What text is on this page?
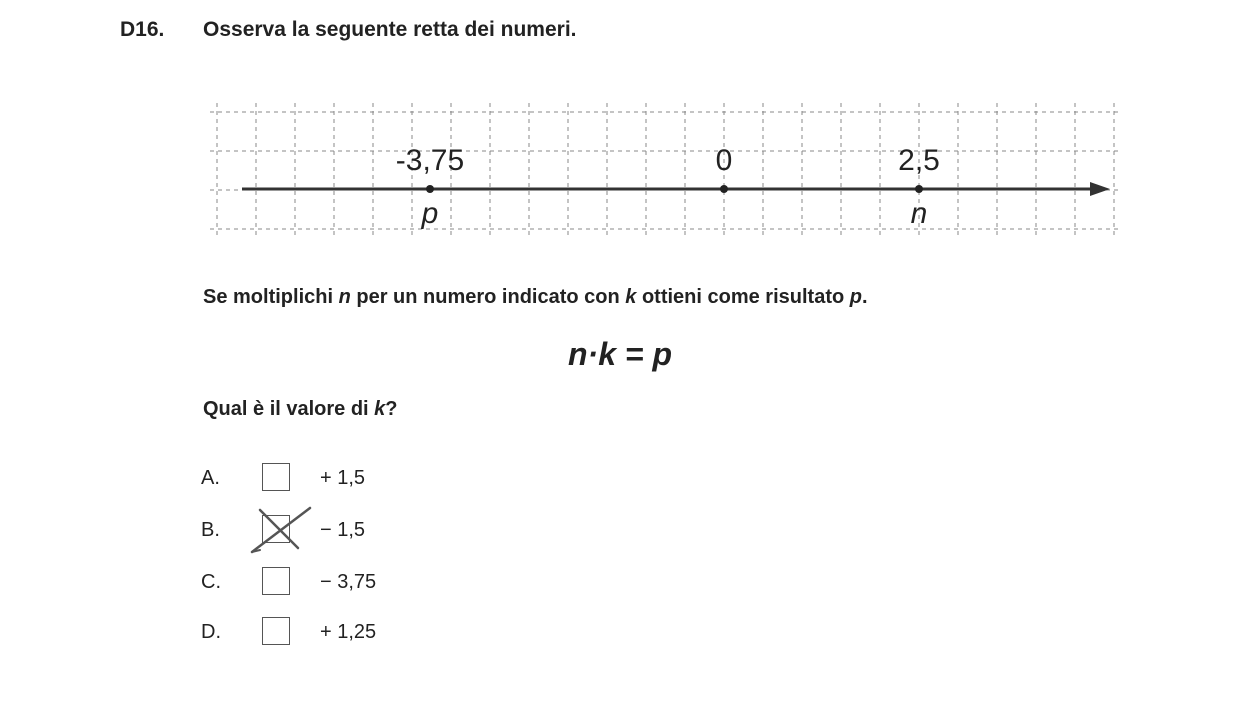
D16. Osserva la seguente retta dei numeri.
-3,75	0	2,5
p	n
Se moltiplichi n per un numero indicato con k ottieni come risultato p.
n·k = p
Qual è il valore di k?
A.	+ 1,5
B.	− 1,5
C.	− 3,75
D.	+ 1,25
